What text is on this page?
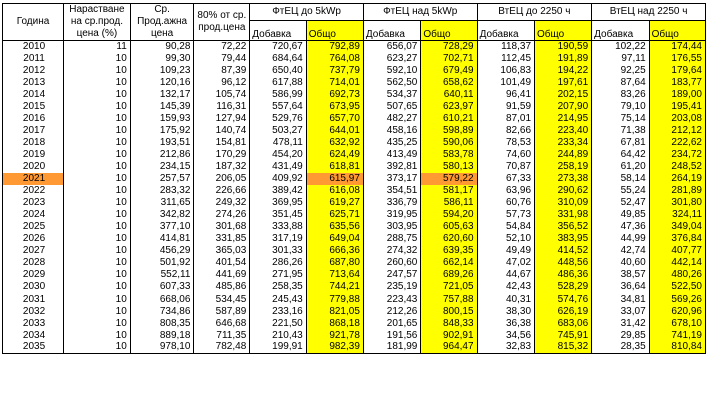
Година	Нарастване
на ср.прод.
цена (%)	Ср.
Прод.ажна
цена	80% от ср.
прод.цена	ФтЕЦ до 5kWp		ФтЕЦ над 5kWp		ВтЕЦ до 2250 ч		ВтЕЦ над 2250 ч	
				Добавка	Общо	Добавка	Общо	Добавка	Общо	Добавка	Общо
2010	11	90,28	72,22	720,67	792,89	656,07	728,29	118,37	190,59	102,22	174,44
2011	10	99,30	79,44	684,64	764,08	623,27	702,71	112,45	191,89	97,11	176,55
2012	10	109,23	87,39	650,40	737,79	592,10	679,49	106,83	194,22	92,25	179,64
2013	10	120,16	96,12	617,88	714,01	562,50	658,62	101,49	197,61	87,64	183,77
2014	10	132,17	105,74	586,99	692,73	534,37	640,11	96,41	202,15	83,26	189,00
2015	10	145,39	116,31	557,64	673,95	507,65	623,97	91,59	207,90	79,10	195,41
2016	10	159,93	127,94	529,76	657,70	482,27	610,21	87,01	214,95	75,14	203,08
2017	10	175,92	140,74	503,27	644,01	458,16	598,89	82,66	223,40	71,38	212,12
2018	10	193,51	154,81	478,11	632,92	435,25	590,06	78,53	233,34	67,81	222,62
2019	10	212,86	170,29	454,20	624,49	413,49	583,78	74,60	244,89	64,42	234,72
2020	10	234,15	187,32	431,49	618,81	392,81	580,13	70,87	258,19	61,20	248,52
2021	10	257,57	206,05	409,92	615,97	373,17	579,22	67,33	273,38	58,14	264,19
2022	10	283,32	226,66	389,42	616,08	354,51	581,17	63,96	290,62	55,24	281,89
2023	10	311,65	249,32	369,95	619,27	336,79	586,11	60,76	310,09	52,47	301,80
2024	10	342,82	274,26	351,45	625,71	319,95	594,20	57,73	331,98	49,85	324,11
2025	10	377,10	301,68	333,88	635,56	303,95	605,63	54,84	356,52	47,36	349,04
2026	10	414,81	331,85	317,19	649,04	288,75	620,60	52,10	383,95	44,99	376,84
2027	10	456,29	365,03	301,33	666,36	274,32	639,35	49,49	414,52	42,74	407,77
2028	10	501,92	401,54	286,26	687,80	260,60	662,14	47,02	448,56	40,60	442,14
2029	10	552,11	441,69	271,95	713,64	247,57	689,26	44,67	486,36	38,57	480,26
2030	10	607,33	485,86	258,35	744,21	235,19	721,05	42,43	528,29	36,64	522,50
2031	10	668,06	534,45	245,43	779,88	223,43	757,88	40,31	574,76	34,81	569,26
2032	10	734,86	587,89	233,16	821,05	212,26	800,15	38,30	626,19	33,07	620,96
2033	10	808,35	646,68	221,50	868,18	201,65	848,33	36,38	683,06	31,42	678,10
2034	10	889,18	711,35	210,43	921,78	191,56	902,91	34,56	745,91	29,85	741,19
2035	10	978,10	782,48	199,91	982,39	181,99	964,47	32,83	815,32	28,35	810,84
